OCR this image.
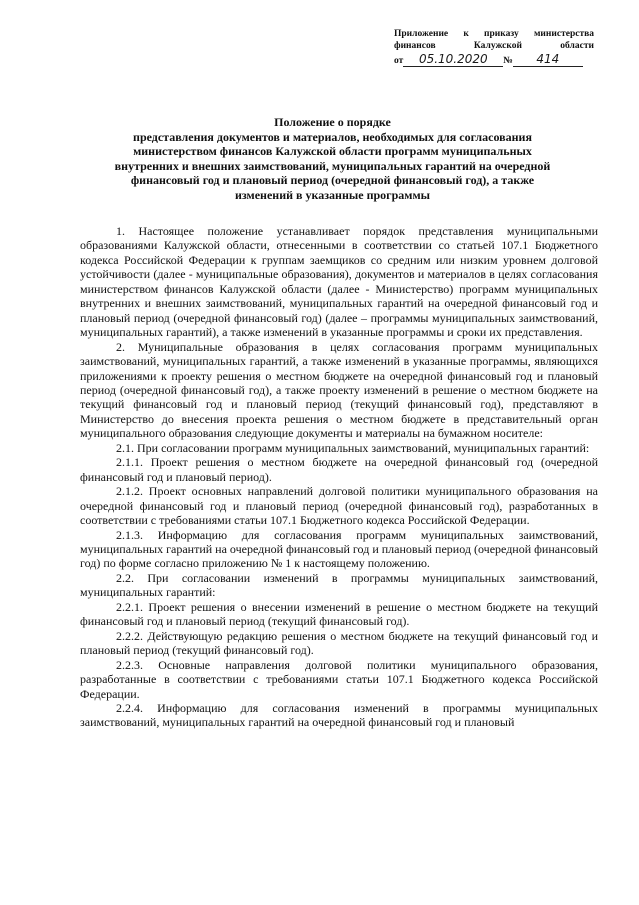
Приложение к приказу министерства
финансов Калужской области
от	05.10.2020	№	414
Положение о порядке
представления документов и материалов, необходимых для согласования
министерством финансов Калужской области программ муниципальных
внутренних и внешних заимствований, муниципальных гарантий на очередной
финансовый год и плановый период (очередной финансовый год), а также
изменений в указанные программы

1. Настоящее положение устанавливает порядок представления муниципальными образованиями Калужской области, отнесенными в соответствии со статьей 107.1 Бюджетного кодекса Российской Федерации к группам заемщиков со средним или низким уровнем долговой устойчивости (далее - муниципальные образования), документов и материалов в целях согласования министерством финансов Калужской области (далее - Министерство) программ муниципальных внутренних и внешних заимствований, муниципальных гарантий на очередной финансовый год и плановый период (очередной финансовый год) (далее – программы муниципальных заимствований, муниципальных гарантий), а также изменений в указанные программы и сроки их представления.

2. Муниципальные образования в целях согласования программ муниципальных заимствований, муниципальных гарантий, а также изменений в указанные программы, являющихся приложениями к проекту решения о местном бюджете на очередной финансовый год и плановый период (очередной финансовый год), а также проекту изменений в решение о местном бюджете на текущий финансовый год и плановый период (текущий финансовый год), представляют в Министерство до внесения проекта решения о местном бюджете в представительный орган муниципального образования следующие документы и материалы на бумажном носителе:

2.1. При согласовании программ муниципальных заимствований, муниципальных гарантий:

2.1.1. Проект решения о местном бюджете на очередной финансовый год (очередной финансовый год и плановый период).

2.1.2. Проект основных направлений долговой политики муниципального образования на очередной финансовый год и плановый период (очередной финансовый год), разработанных в соответствии с требованиями статьи 107.1 Бюджетного кодекса Российской Федерации.

2.1.3. Информацию для согласования программ муниципальных заимствований, муниципальных гарантий на очередной финансовый год и плановый период (очередной финансовый год) по форме согласно приложению № 1 к настоящему положению.

2.2. При согласовании изменений в программы муниципальных заимствований, муниципальных гарантий:

2.2.1. Проект решения о внесении изменений в решение о местном бюджете на текущий финансовый год и плановый период (текущий финансовый год).

2.2.2. Действующую редакцию решения о местном бюджете на текущий финансовый год и плановый период (текущий финансовый год).

2.2.3. Основные направления долговой политики муниципального образования, разработанные в соответствии с требованиями статьи 107.1 Бюджетного кодекса Российской Федерации.

2.2.4. Информацию для согласования изменений в программы муниципальных заимствований, муниципальных гарантий на очередной финансовый год и плановый
